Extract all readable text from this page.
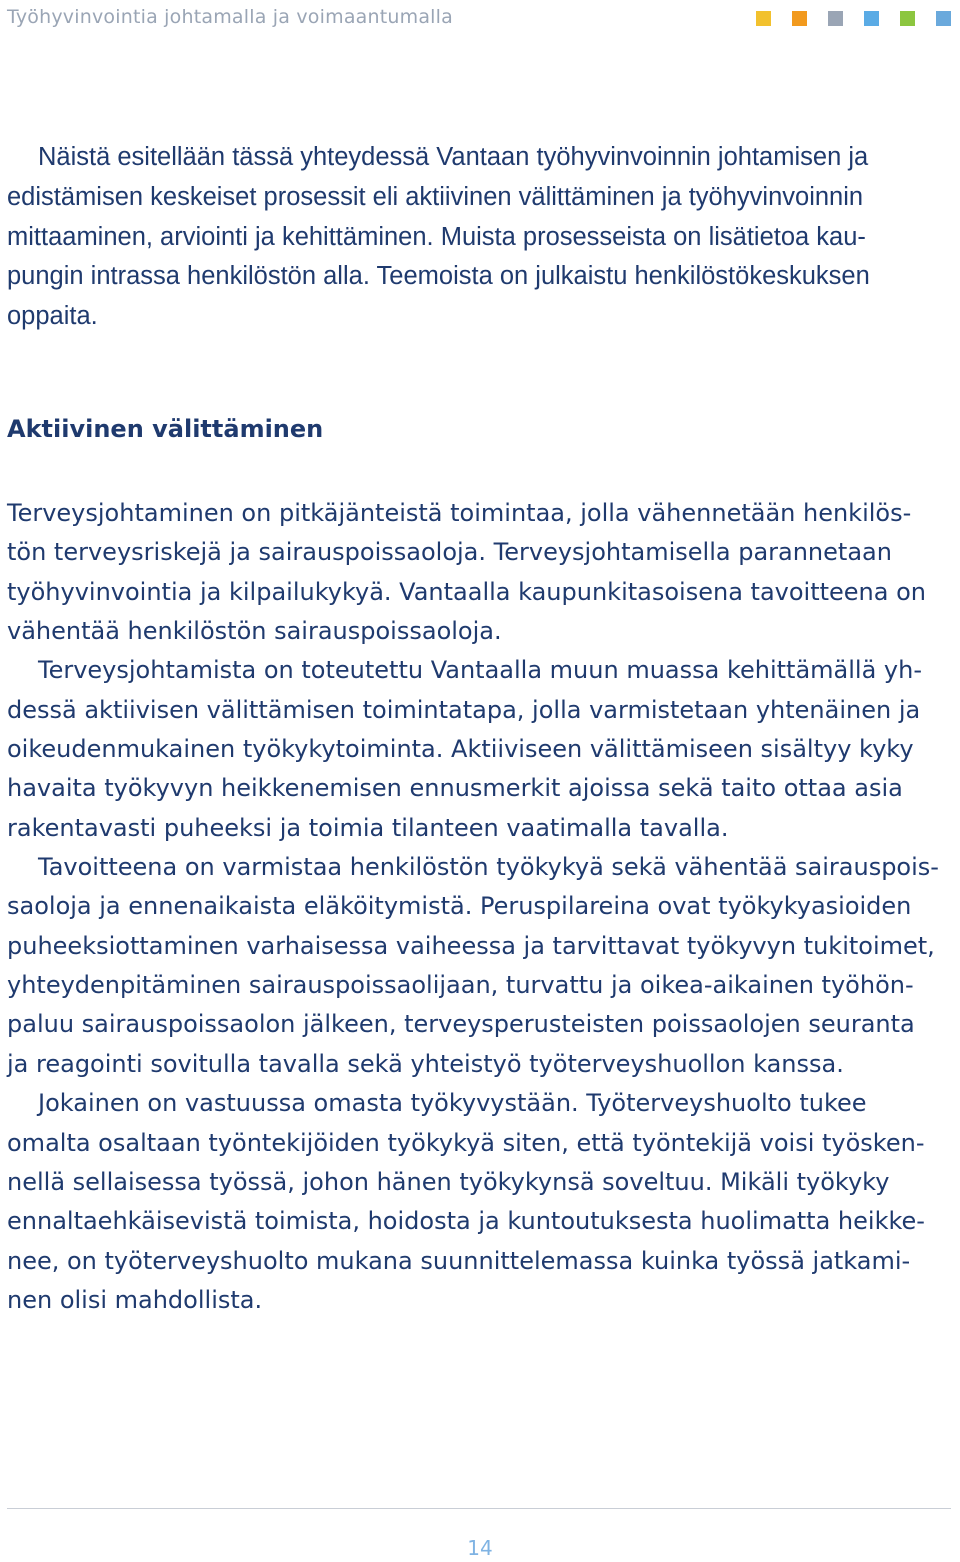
Työhyvinvointia johtamalla ja voimaantumalla
Näistä esitellään tässä yhteydessä Vantaan työhyvinvoinnin johtamisen ja
edistämisen keskeiset prosessit eli aktiivinen välittäminen ja työhyvinvoinnin
mittaaminen, arviointi ja kehittäminen. Muista prosesseista on lisätietoa kau-
pungin intrassa henkilöstön alla. Teemoista on julkaistu henkilöstökeskuksen
oppaita.
Aktiivinen välittäminen
Terveysjohtaminen on pitkäjänteistä toimintaa, jolla vähennetään henkilös-
tön terveysriskejä ja sairauspoissaoloja. Terveysjohtamisella parannetaan
työhyvinvointia ja kilpailukykyä. Vantaalla kaupunkitasoisena tavoitteena on
vähentää henkilöstön sairauspoissaoloja.
Terveysjohtamista on toteutettu Vantaalla muun muassa kehittämällä yh-
dessä aktiivisen välittämisen toimintatapa, jolla varmistetaan yhtenäinen ja
oikeudenmukainen työkykytoiminta. Aktiiviseen välittämiseen sisältyy kyky
havaita työkyvyn heikkenemisen ennusmerkit ajoissa sekä taito ottaa asia
rakentavasti puheeksi ja toimia tilanteen vaatimalla tavalla.
Tavoitteena on varmistaa henkilöstön työkykyä sekä vähentää sairauspois-
saoloja ja ennenaikaista eläköitymistä. Peruspilareina ovat työkykyasioiden
puheeksiottaminen varhaisessa vaiheessa ja tarvittavat työkyvyn tukitoimet,
yhteydenpitäminen sairauspoissaolijaan, turvattu ja oikea-aikainen työhön-
paluu sairauspoissaolon jälkeen, terveysperusteisten poissaolojen seuranta
ja reagointi sovitulla tavalla sekä yhteistyö työterveyshuollon kanssa.
Jokainen on vastuussa omasta työkyvystään. Työterveyshuolto tukee
omalta osaltaan työntekijöiden työkykyä siten, että työntekijä voisi työsken-
nellä sellaisessa työssä, johon hänen työkykynsä soveltuu. Mikäli työkyky
ennaltaehkäisevistä toimista, hoidosta ja kuntoutuksesta huolimatta heikke-
nee, on työterveyshuolto mukana suunnittelemassa kuinka työssä jatkami-
nen olisi mahdollista.
14
